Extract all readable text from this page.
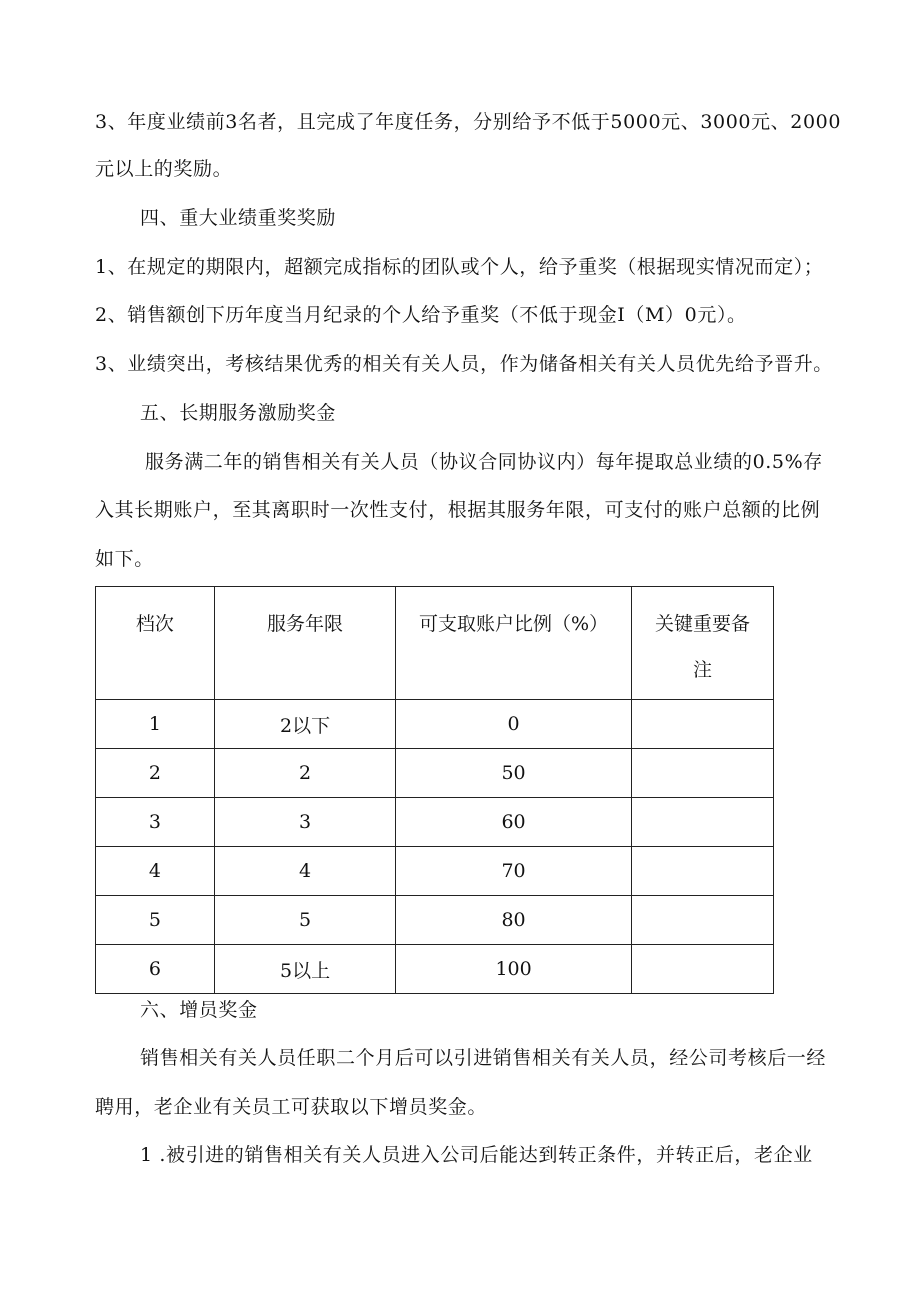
3、年度业绩前3名者，且完成了年度任务，分别给予不低于5000元、3000元、2000
元以上的奖励。
四、重大业绩重奖奖励
1、在规定的期限内，超额完成指标的团队或个人，给予重奖（根据现实情况而定）；
2、销售额创下历年度当月纪录的个人给予重奖（不低于现金I（M）0元）。
3、业绩突出，考核结果优秀的相关有关人员，作为储备相关有关人员优先给予晋升。
五、长期服务激励奖金
服务满二年的销售相关有关人员（协议合同协议内）每年提取总业绩的0.5%存
入其长期账户，至其离职时一次性支付，根据其服务年限，可支付的账户总额的比例
如下。
档次	服务年限	可支取账户比例（%）	关键重要备
注
1	2以下	0	
2	2	50	
3	3	60	
4	4	70	
5	5	80	
6	5以上	100	
六、增员奖金
销售相关有关人员任职二个月后可以引进销售相关有关人员，经公司考核后一经
聘用，老企业有关员工可获取以下增员奖金。
1 .被引进的销售相关有关人员进入公司后能达到转正条件，并转正后，老企业
